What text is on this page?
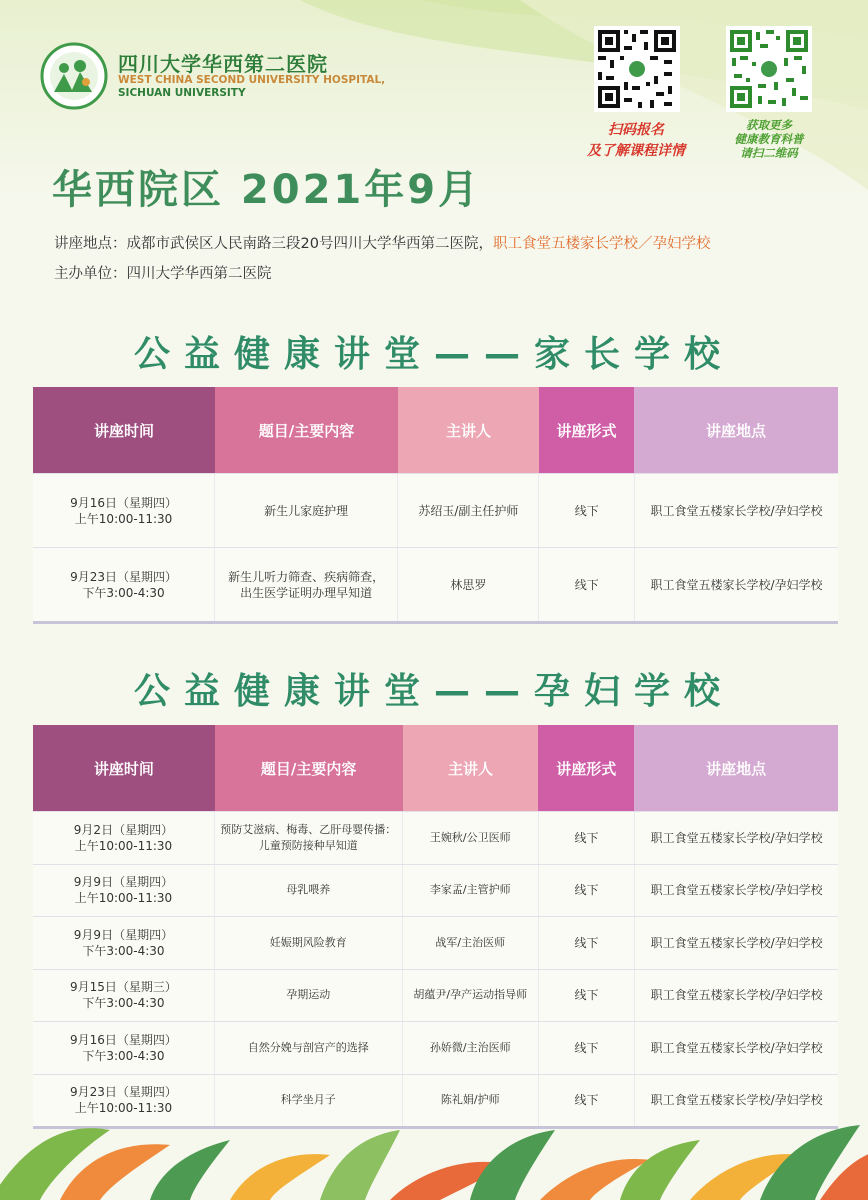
四川大学华西第二医院
WEST CHINA SECOND UNIVERSITY HOSPITAL,
SICHUAN UNIVERSITY
扫码报名
及了解课程详情
获取更多
健康教育科普
请扫二维码
华西院区 2021年9月
讲座地点：成都市武侯区人民南路三段20号四川大学华西第二医院，职工食堂五楼家长学校／孕妇学校
主办单位：四川大学华西第二医院
公益健康讲堂——家长学校
讲座时间	题目/主要内容	主讲人	讲座形式	讲座地点
9月16日（星期四）
上午10:00-11:30
新生儿家庭护理	苏绍玉/副主任护师	线下	职工食堂五楼家长学校/孕妇学校
9月23日（星期四）
下午3:00-4:30
新生儿听力筛查、疾病筛查，
出生医学证明办理早知道
林思罗	线下	职工食堂五楼家长学校/孕妇学校
公益健康讲堂——孕妇学校
讲座时间	题目/主要内容	主讲人	讲座形式	讲座地点
9月2日（星期四）
上午10:00-11:30
预防艾滋病、梅毒、乙肝母婴传播：
儿童预防接种早知道
王婉秋/公卫医师	线下	职工食堂五楼家长学校/孕妇学校
9月9日（星期四）
上午10:00-11:30
母乳喂养	李家孟/主管护师	线下	职工食堂五楼家长学校/孕妇学校
9月9日（星期四）
下午3:00-4:30
妊娠期风险教育	战军/主治医师	线下	职工食堂五楼家长学校/孕妇学校
9月15日（星期三）
下午3:00-4:30
孕期运动	胡蕴尹/孕产运动指导师	线下	职工食堂五楼家长学校/孕妇学校
9月16日（星期四）
下午3:00-4:30
自然分娩与剖宫产的选择	孙娇微/主治医师	线下	职工食堂五楼家长学校/孕妇学校
9月23日（星期四）
上午10:00-11:30
科学坐月子	陈礼娟/护师	线下	职工食堂五楼家长学校/孕妇学校
